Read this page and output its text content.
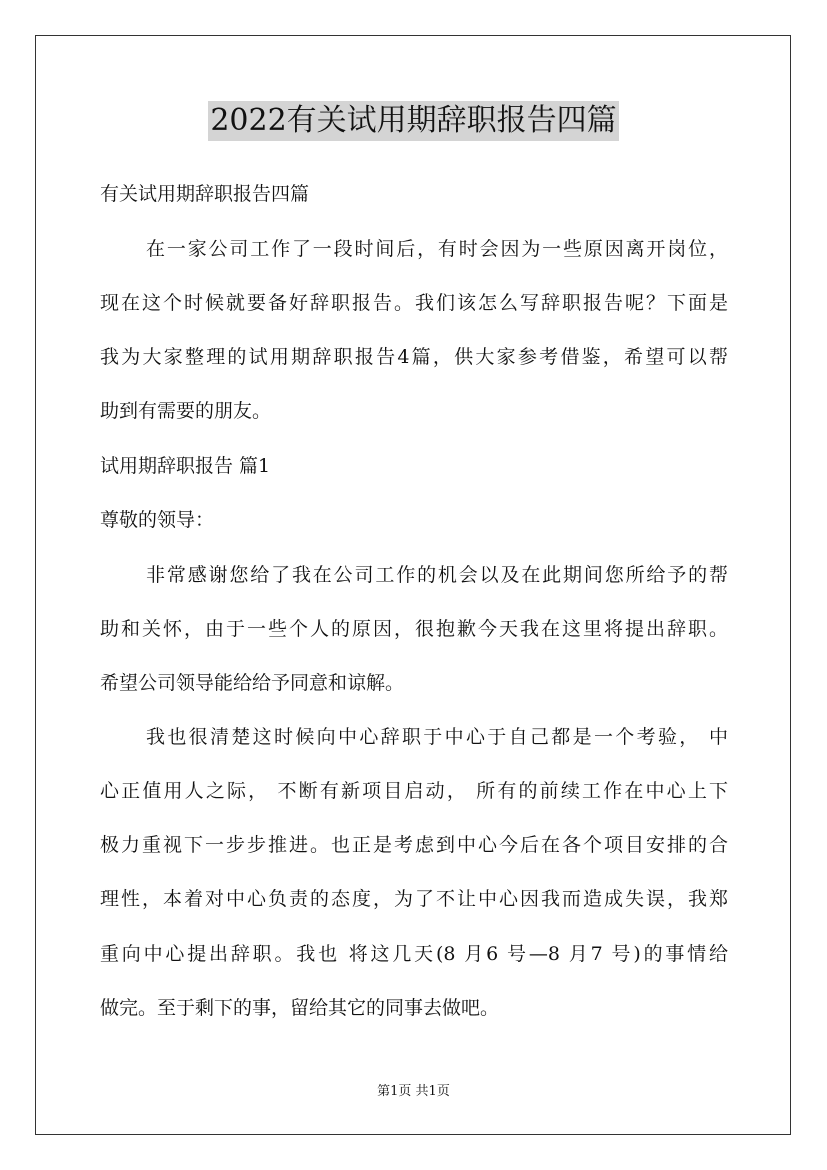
2022有关试用期辞职报告四篇
有关试用期辞职报告四篇
在一家公司工作了一段时间后，有时会因为一些原因离开岗位，
现在这个时候就要备好辞职报告。我们该怎么写辞职报告呢？下面是
我为大家整理的试用期辞职报告4篇，供大家参考借鉴，希望可以帮
助到有需要的朋友。
试用期辞职报告 篇1
尊敬的领导：
非常感谢您给了我在公司工作的机会以及在此期间您所给予的帮
助和关怀，由于一些个人的原因，很抱歉今天我在这里将提出辞职。
希望公司领导能给给予同意和谅解。
我也很清楚这时候向中心辞职于中心于自己都是一个考验， 中
心正值用人之际， 不断有新项目启动， 所有的前续工作在中心上下
极力重视下一步步推进。也正是考虑到中心今后在各个项目安排的合
理性，本着对中心负责的态度，为了不让中心因我而造成失误，我郑
重向中心提出辞职。我也 将这几天(8 月6 号—8 月7 号)的事情给
做完。至于剩下的事，留给其它的同事去做吧。
第1页 共1页
